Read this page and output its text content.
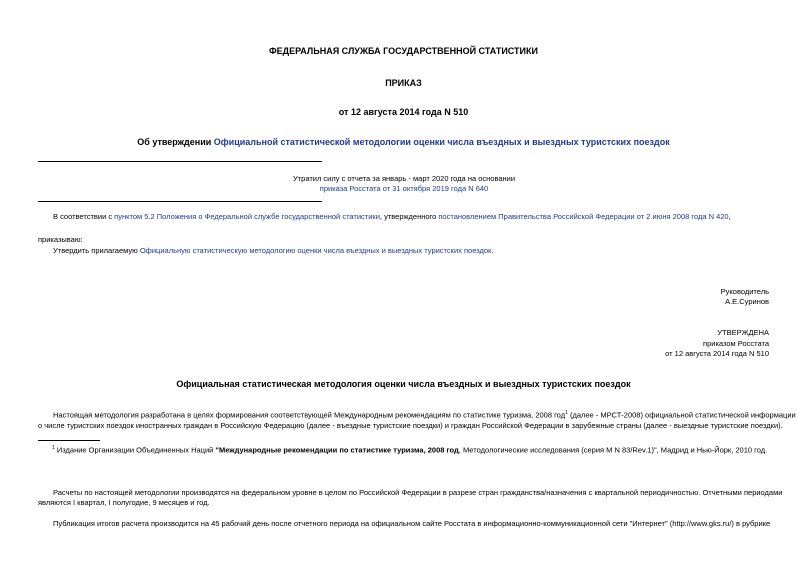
ФЕДЕРАЛЬНАЯ СЛУЖБА ГОСУДАРСТВЕННОЙ СТАТИСТИКИ
ПРИКАЗ
от 12 августа 2014 года N 510
Об утверждении Официальной статистической методологии оценки числа въездных и выездных туристских поездок
Утратил силу с отчета за январь - март 2020 года на основании
приказа Росстата от 31 октября 2019 года N 640
В соответствии с пунктом 5.2 Положения о Федеральной службе государственной статистики, утвержденного постановлением Правительства Российской Федерации от 2 июня 2008 года N 420,
приказываю:
Утвердить прилагаемую Официальную статистическую методологию оценки числа въездных и выездных туристских поездок.
Руководитель
А.Е.Суринов
УТВЕРЖДЕНА
приказом Росстата
от 12 августа 2014 года N 510
Официальная статистическая методология оценки числа въездных и выездных туристских поездок
Настоящая методология разработана в целях формирования соответствующей Международным рекомендациям по статистике туризма, 2008 год$^1$ (далее - МРСТ-2008) официальной статистической информации
о числе туристских поездок иностранных граждан в Российскую Федерацию (далее - въездные туристские поездки) и граждан Российской Федерации в зарубежные страны (далее - выездные туристские поездки).
$^1$ Издание Организации Объединенных Наций "Международные рекомендации по статистике туризма, 2008 год, Методологические исследования (серия M N 83/Rev.1)", Мадрид и Нью-Йорк, 2010 год.
Расчеты по настоящей методологии производятся на федеральном уровне в целом по Российской Федерации в разрезе стран гражданства/назначения с квартальной периодичностью. Отчетными периодами
являются I квартал, I полугодие, 9 месяцев и год.
Публикация итогов расчета производится на 45 рабочий день после отчетного периода на официальном сайте Росстата в информационно-коммуникационной сети "Интернет" (http://www.gks.ru/) в рубрике
